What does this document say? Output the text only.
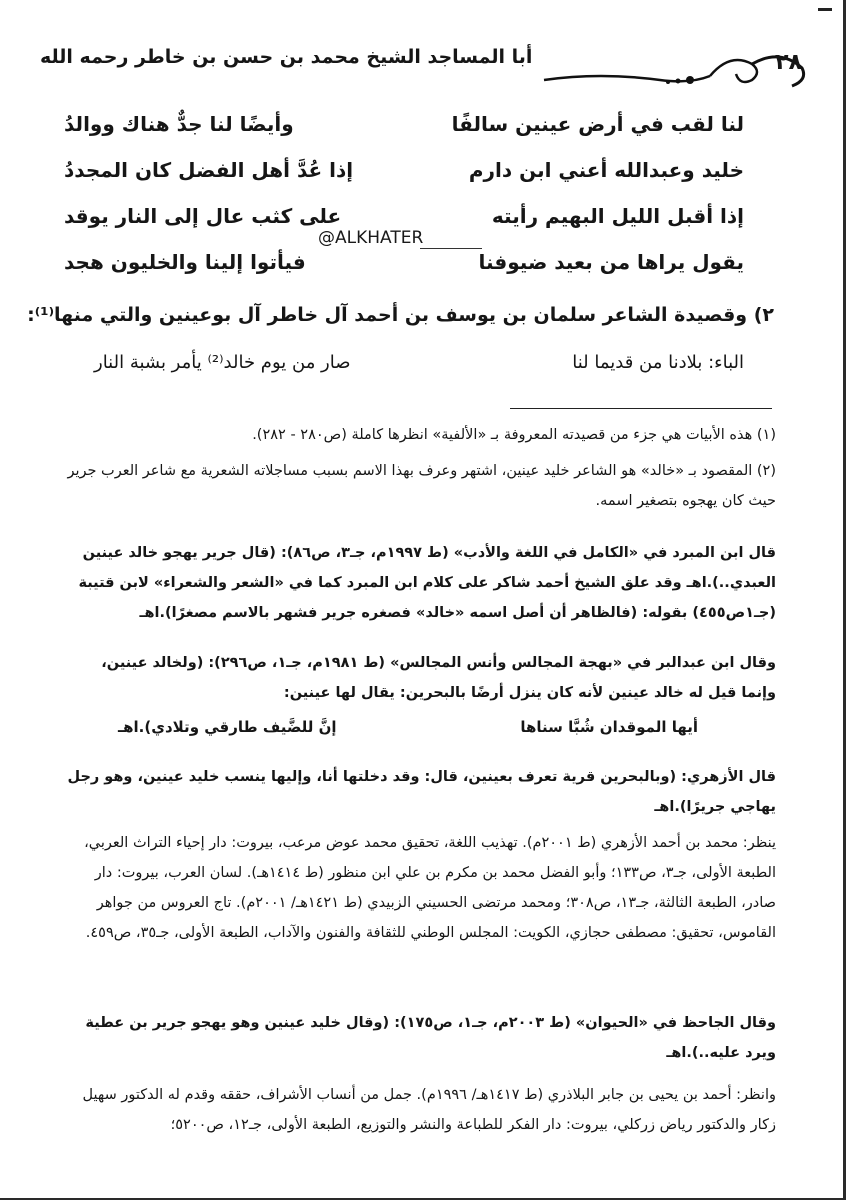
أبا المساجد الشيخ محمد بن حسن بن خاطر رحمه الله	٢٨
لنا لقب في أرض عينين سالفًا
وأيضًا لنا جدٌّ هناك ووالدُ
خليد وعبدالله أعني ابن دارم
إذا عُدَّ أهل الفضل كان المجددُ
إذا أقبل الليل البهيم رأيته
على كثب عال إلى النار يوقد
يقول يراها من بعيد ضيوفنا
فيأتوا إلينا والخليون هجد
@ALKHATER
٢) وقصيدة الشاعر سلمان بن يوسف بن أحمد آل خاطر آل بوعينين والتي منها⁽¹⁾:
الباء: بلادنا من قديما لنا
صار من يوم خالد⁽²⁾ يأمر بشبة النار
(١) هذه الأبيات هي جزء من قصيدته المعروفة بـ «الألفية» انظرها كاملة (ص٢٨٠ - ٢٨٢).
(٢) المقصود بـ «خالد» هو الشاعر خليد عينين، اشتهر وعرف بهذا الاسم بسبب مساجلاته الشعرية مع شاعر العرب جرير حيث كان يهجوه بتصغير اسمه.
قال ابن المبرد في «الكامل في اللغة والأدب» (ط ١٩٩٧م، جـ٣، ص٨٦): (قال جرير يهجو خالد عينين العبدي..).اهـ وقد علق الشيخ أحمد شاكر على كلام ابن المبرد كما في «الشعر والشعراء» لابن قتيبة (جـ١ص٤٥٥) بقوله: (فالظاهر أن أصل اسمه «خالد» فصغره جرير فشهر بالاسم مصغرًا).اهـ
وقال ابن عبدالبر في «بهجة المجالس وأنس المجالس» (ط ١٩٨١م، جـ١، ص٢٩٦): (ولخالد عينين، وإنما قيل له خالد عينين لأنه كان ينزل أرضًا بالبحرين: يقال لها عينين:
أيها الموقدان شُبَّا سناها
إنَّ للضَّيف طارقي وتلادي).اهـ
قال الأزهري: (وبالبحرين قرية تعرف بعينين، قال: وقد دخلتها أنا، وإليها ينسب خليد عينين، وهو رجل يهاجي جريرًا).اهـ
ينظر: محمد بن أحمد الأزهري (ط ٢٠٠١م). تهذيب اللغة، تحقيق محمد عوض مرعب، بيروت: دار إحياء التراث العربي، الطبعة الأولى، جـ٣، ص١٣٣؛ وأبو الفضل محمد بن مكرم بن علي ابن منظور (ط ١٤١٤هـ). لسان العرب، بيروت: دار صادر، الطبعة الثالثة، جـ١٣، ص٣٠٨؛ ومحمد مرتضى الحسيني الزبيدي (ط ١٤٢١هـ/ ٢٠٠١م). تاج العروس من جواهر القاموس، تحقيق: مصطفى حجازي، الكويت: المجلس الوطني للثقافة والفنون والآداب، الطبعة الأولى، جـ٣٥، ص٤٥٩.
وقال الجاحظ في «الحيوان» (ط ٢٠٠٣م، جـ١، ص١٧٥): (وقال خليد عينين وهو يهجو جرير بن عطية ويرد عليه..).اهـ
وانظر: أحمد بن يحيى بن جابر البلاذري (ط ١٤١٧هـ/ ١٩٩٦م). جمل من أنساب الأشراف، حققه وقدم له الدكتور سهيل زكار والدكتور رياض زركلي، بيروت: دار الفكر للطباعة والنشر والتوزيع، الطبعة الأولى، جـ١٢، ص٥٢٠٠؛
